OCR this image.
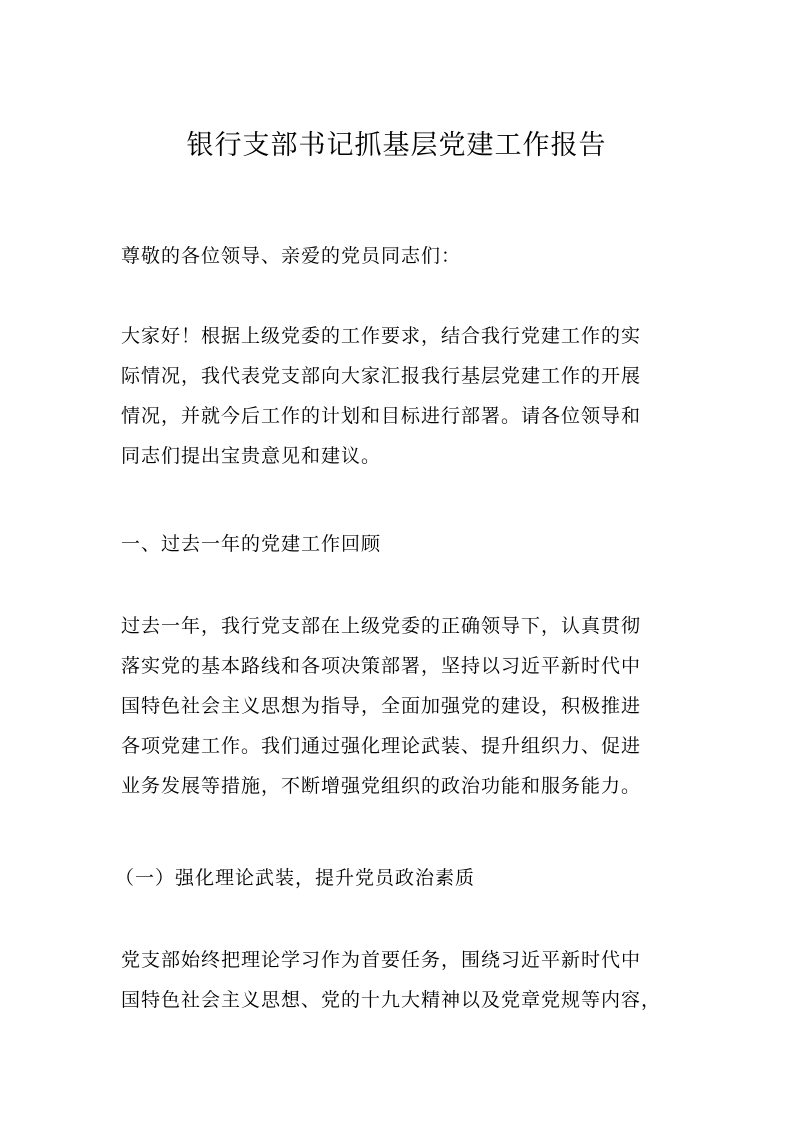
银行支部书记抓基层党建工作报告

尊敬的各位领导、亲爱的党员同志们：

大家好！根据上级党委的工作要求，结合我行党建工作的实
际情况，我代表党支部向大家汇报我行基层党建工作的开展
情况，并就今后工作的计划和目标进行部署。请各位领导和
同志们提出宝贵意见和建议。

一、过去一年的党建工作回顾

过去一年，我行党支部在上级党委的正确领导下，认真贯彻
落实党的基本路线和各项决策部署，坚持以习近平新时代中
国特色社会主义思想为指导，全面加强党的建设，积极推进
各项党建工作。我们通过强化理论武装、提升组织力、促进
业务发展等措施，不断增强党组织的政治功能和服务能力。

（一）强化理论武装，提升党员政治素质

党支部始终把理论学习作为首要任务，围绕习近平新时代中
国特色社会主义思想、党的十九大精神以及党章党规等内容，
